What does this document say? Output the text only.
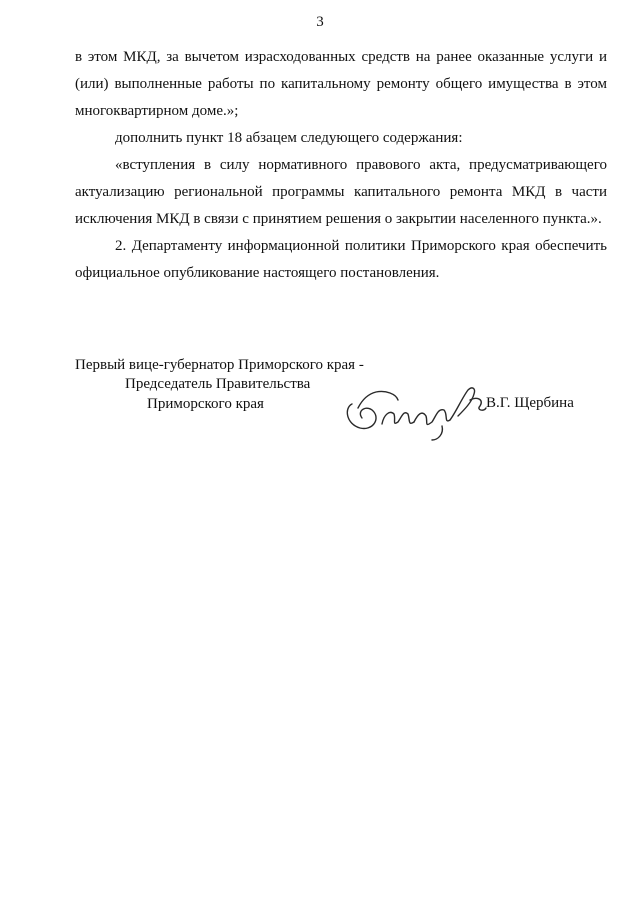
3

в этом МКД, за вычетом израсходованных средств на ранее оказанные услуги и (или) выполненные работы по капитальному ремонту общего имущества в этом многоквартирном доме.»;

дополнить пункт 18 абзацем следующего содержания:

«вступления в силу нормативного правового акта, предусматривающего актуализацию региональной программы капитального ремонта МКД в части исключения МКД в связи с принятием решения о закрытии населенного пункта.».

2. Департаменту информационной политики Приморского края обеспечить официальное опубликование настоящего постановления.

Первый вице-губернатор Приморского края -
Председатель Правительства
Приморского края	В.Г. Щербина
